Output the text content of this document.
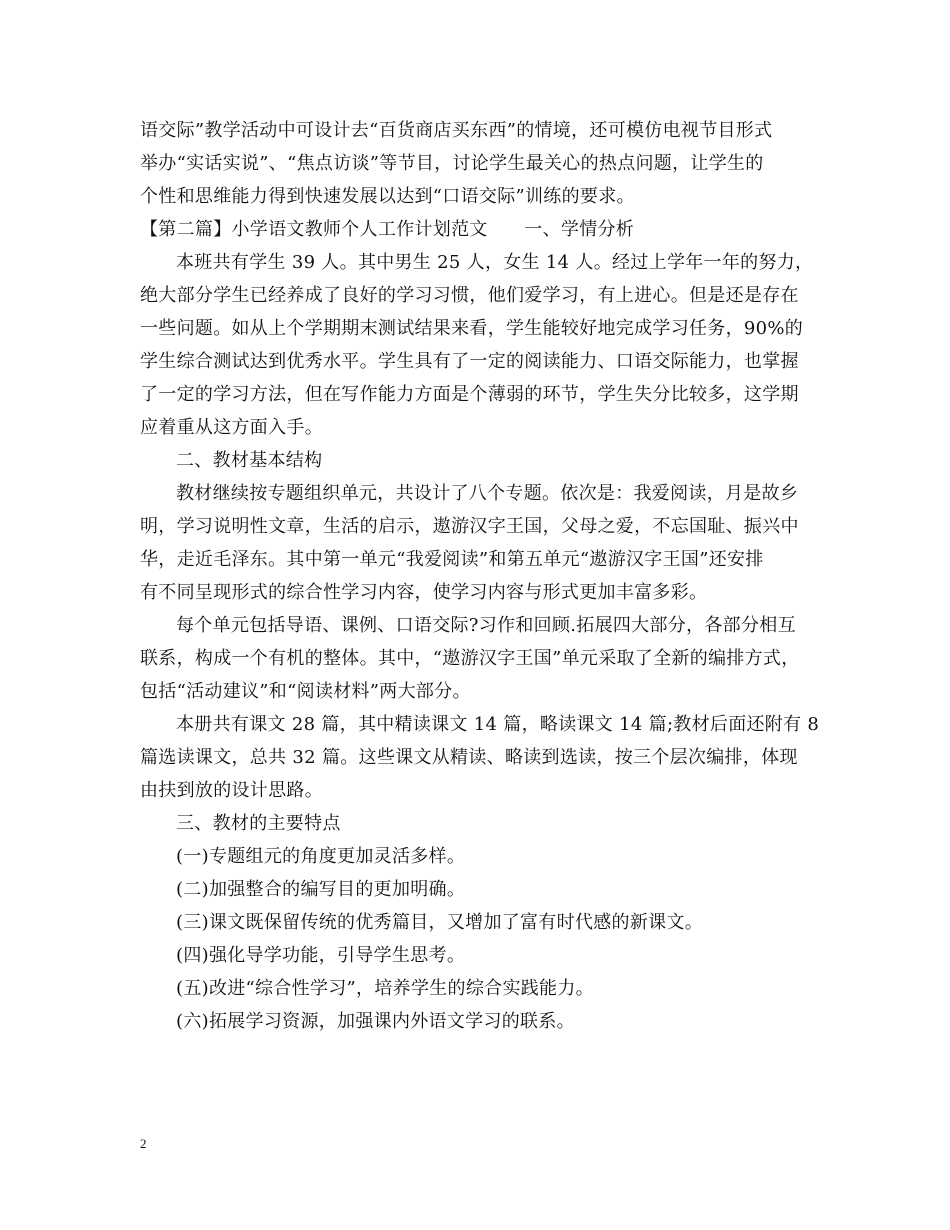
语交际”教学活动中可设计去“百货商店买东西”的情境，还可模仿电视节目形式
举办“实话实说”、“焦点访谈”等节目，讨论学生最关心的热点问题，让学生的
个性和思维能力得到快速发展以达到“口语交际”训练的要求。
【第二篇】小学语文教师个人工作计划范文　　一、学情分析
本班共有学生 39 人。其中男生 25 人，女生 14 人。经过上学年一年的努力，
绝大部分学生已经养成了良好的学习习惯，他们爱学习，有上进心。但是还是存在
一些问题。如从上个学期期末测试结果来看，学生能较好地完成学习任务，90%的
学生综合测试达到优秀水平。学生具有了一定的阅读能力、口语交际能力，也掌握
了一定的学习方法，但在写作能力方面是个薄弱的环节，学生失分比较多，这学期
应着重从这方面入手。
二、教材基本结构
教材继续按专题组织单元，共设计了八个专题。依次是：我爱阅读，月是故乡
明，学习说明性文章，生活的启示，遨游汉字王国，父母之爱，不忘国耻、振兴中
华，走近毛泽东。其中第一单元“我爱阅读”和第五单元“遨游汉字王国”还安排
有不同呈现形式的综合性学习内容，使学习内容与形式更加丰富多彩。
每个单元包括导语、课例、口语交际?习作和回顾.拓展四大部分，各部分相互
联系，构成一个有机的整体。其中，“遨游汉字王国”单元采取了全新的编排方式，
包括“活动建议”和“阅读材料”两大部分。
本册共有课文 28 篇，其中精读课文 14 篇，略读课文 14 篇;教材后面还附有 8
篇选读课文，总共 32 篇。这些课文从精读、略读到选读，按三个层次编排，体现
由扶到放的设计思路。
三、教材的主要特点
(一)专题组元的角度更加灵活多样。
(二)加强整合的编写目的更加明确。
(三)课文既保留传统的优秀篇目，又增加了富有时代感的新课文。
(四)强化导学功能，引导学生思考。
(五)改进“综合性学习”，培养学生的综合实践能力。
(六)拓展学习资源，加强课内外语文学习的联系。
2
